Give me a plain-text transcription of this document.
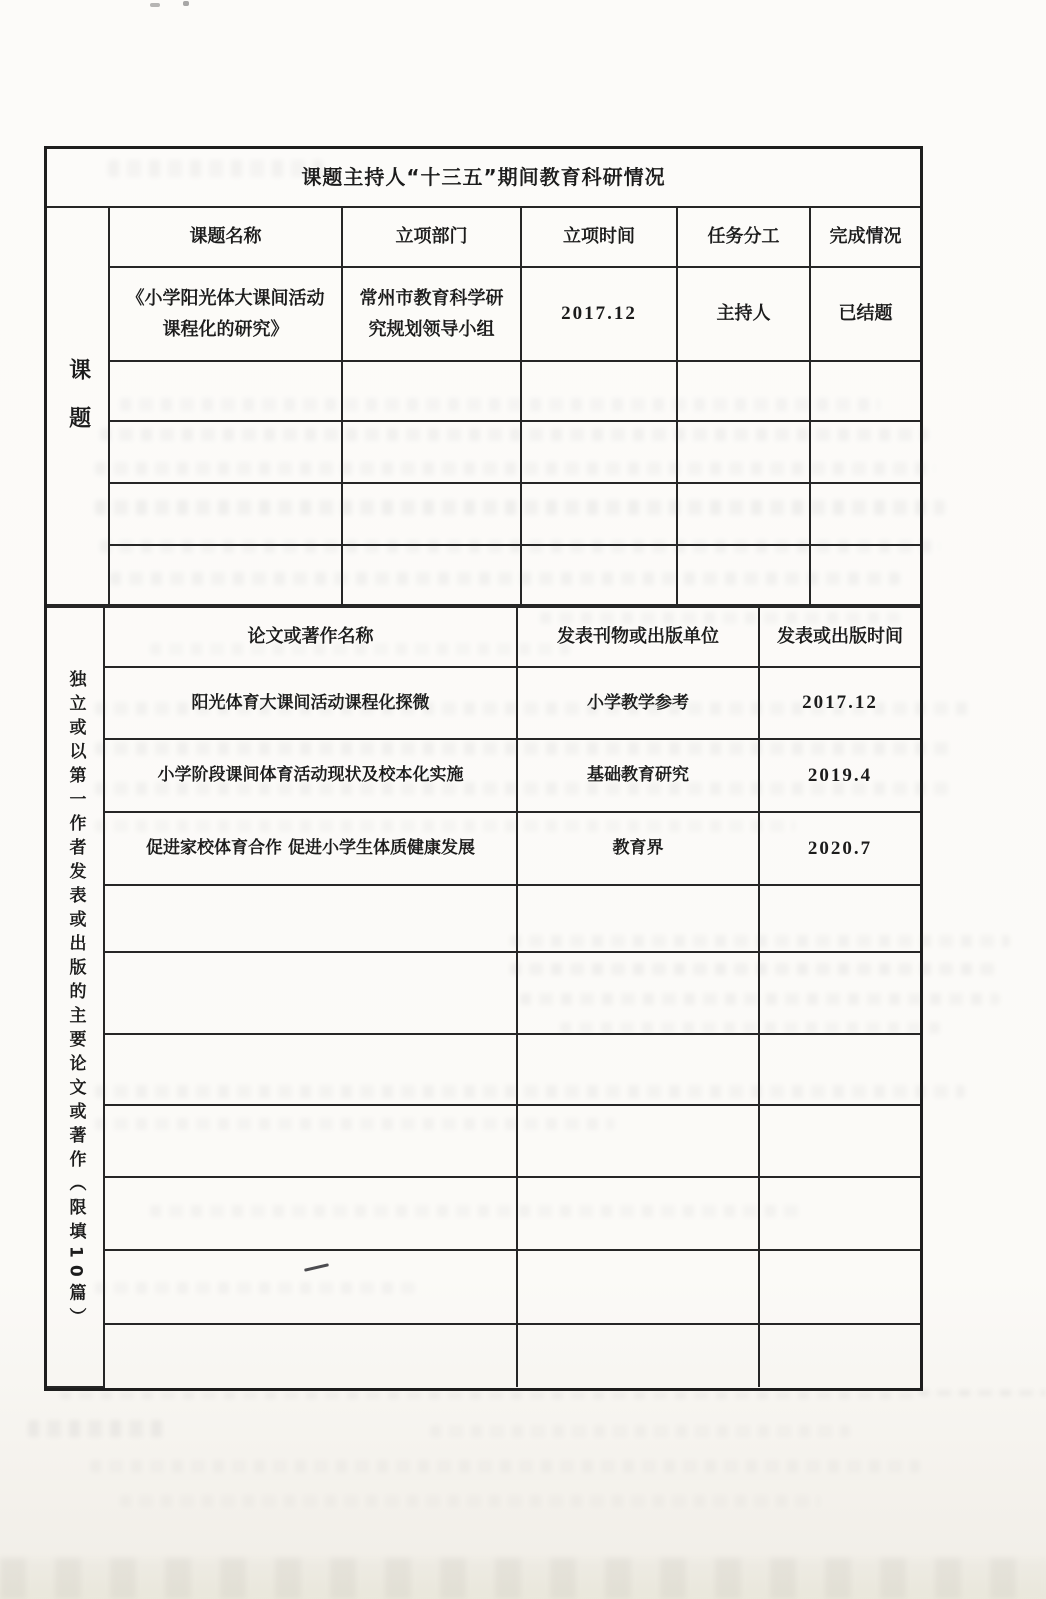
课题主持人“十三五”期间教育科研情况					
课题	课题名称	立项部门	立项时间	任务分工	完成情况
	《小学阳光体大课间活动课程化的研究》	常州市教育科学研究规划领导小组	2017.12	主持人	已结题

独立或以第一作者发表或出版的主要论文或著作（限填10篇）	论文或著作名称	发表刊物或出版单位	发表或出版时间
	阳光体育大课间活动课程化探微	小学教学参考	2017.12
	小学阶段课间体育活动现状及校本化实施	基础教育研究	2019.4
	促进家校体育合作 促进小学生体质健康发展	教育界	2020.7
